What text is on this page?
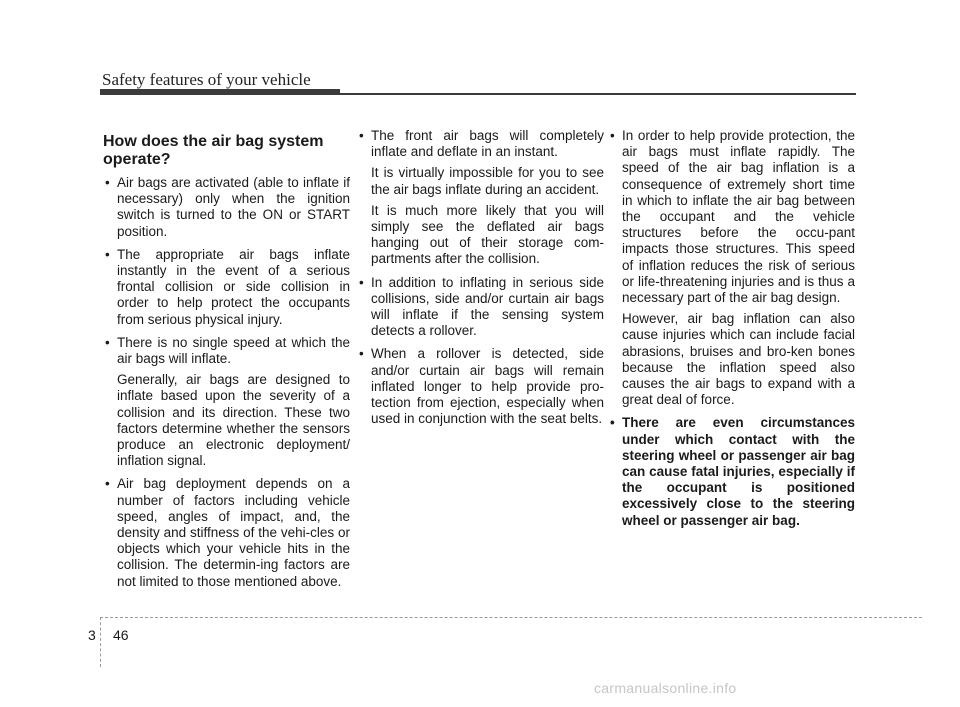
Safety features of your vehicle
How does the air bag system operate?
• Air bags are activated (able to inflate if necessary) only when the ignition switch is turned to the ON or START position.

• The appropriate air bags inflate instantly in the event of a serious frontal collision or side collision in order to help protect the occupants from serious physical injury.

• There is no single speed at which the air bags will inflate.

Generally, air bags are designed to inflate based upon the severity of a collision and its direction. These two factors determine whether the sensors produce an electronic deployment/ inflation signal.

• Air bag deployment depends on a number of factors including vehicle speed, angles of impact, and, the density and stiffness of the vehi-cles or objects which your vehicle hits in the collision. The determin-ing factors are not limited to those mentioned above.

• The front air bags will completely inflate and deflate in an instant.

It is virtually impossible for you to see the air bags inflate during an accident.

It is much more likely that you will simply see the deflated air bags hanging out of their storage com-partments after the collision.

• In addition to inflating in serious side collisions, side and/or curtain air bags will inflate if the sensing system detects a rollover.

• When a rollover is detected, side and/or curtain air bags will remain inflated longer to help provide pro-tection from ejection, especially when used in conjunction with the seat belts.

• In order to help provide protection, the air bags must inflate rapidly. The speed of the air bag inflation is a consequence of extremely short time in which to inflate the air bag between the occupant and the vehicle structures before the occu-pant impacts those structures. This speed of inflation reduces the risk of serious or life-threatening injuries and is thus a necessary part of the air bag design.

However, air bag inflation can also cause injuries which can include facial abrasions, bruises and bro-ken bones because the inflation speed also causes the air bags to expand with a great deal of force.

• There are even circumstances under which contact with the steering wheel or passenger air bag can cause fatal injuries, especially if the occupant is positioned excessively close to the steering wheel or passenger air bag.

3 46
carmanualsonline.info
